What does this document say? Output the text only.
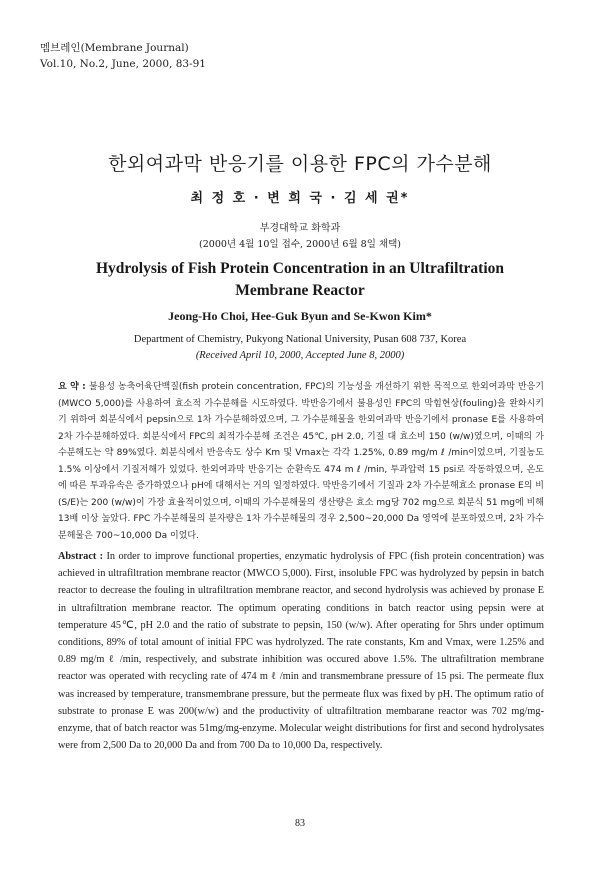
멤브레인(Membrane Journal)
Vol.10, No.2, June, 2000, 83-91
한외여과막 반응기를 이용한 FPC의 가수분해
최 정 호 · 변 희 국 · 김 세 권*
부경대학교 화학과
(2000년 4월 10일 접수, 2000년 6월 8일 채택)
Hydrolysis of Fish Protein Concentration in an Ultrafiltration
Membrane Reactor
Jeong-Ho Choi, Hee-Guk Byun and Se-Kwon Kim*
Department of Chemistry, Pukyong National University, Pusan 608 737, Korea
(Received April 10, 2000, Accepted June 8, 2000)
요 약 : 불용성 농축어육단백질(fish protein concentration, FPC)의 기능성을 개선하기 위한 목적으로 한외여과막 반응기(MWCO 5,000)를 사용하여 효소적 가수분해를 시도하였다. 박반응기에서 불용성인 FPC의 막힘현상(fouling)을 완화시키기 위하여 회분식에서 pepsin으로 1차 가수분해하였으며, 그 가수분해물을 한외여과막 반응기에서 pronase E를 사용하여 2차 가수분해하였다. 회분식에서 FPC의 최적가수분해 조건은 45℃, pH 2.0, 기질 대 효소비 150 (w/w)였으며, 이때의 가수분해도는 약 89%였다. 회분식에서 반응속도 상수 Km 및 Vmax는 각각 1.25%, 0.89 mg/m ℓ /min이었으며, 기질농도 1.5% 이상에서 기질저해가 있었다. 한외여과막 반응기는 순환속도 474 m ℓ /min, 투과압력 15 psi로 작동하였으며, 온도에 따른 투과유속은 증가하였으나 pH에 대해서는 거의 일정하였다. 막반응기에서 기질과 2차 가수분해효소 pronase E의 비 (S/E)는 200 (w/w)이 가장 효율적이었으며, 이때의 가수분해물의 생산량은 효소 mg당 702 mg으로 회분식 51 mg에 비해 13배 이상 높았다. FPC 가수분해물의 분자량은 1차 가수분해물의 경우 2,500~20,000 Da 영역에 분포하였으며, 2차 가수분해물은 700~10,000 Da 이었다.
Abstract : In order to improve functional properties, enzymatic hydrolysis of FPC (fish protein concentration) was achieved in ultrafiltration membrane reactor (MWCO 5,000). First, insoluble FPC was hydrolyzed by pepsin in batch reactor to decrease the fouling in ultrafiltration membrane reactor, and second hydrolysis was achieved by pronase E in ultrafiltration membrane reactor. The optimum operating conditions in batch reactor using pepsin were at temperature 45℃, pH 2.0 and the ratio of substrate to pepsin, 150 (w/w). After operating for 5hrs under optimum conditions, 89% of total amount of initial FPC was hydrolyzed. The rate constants, Km and Vmax, were 1.25% and 0.89 mg/m ℓ /min, respectively, and substrate inhibition was occured above 1.5%. The ultrafiltration membrane reactor was operated with recycling rate of 474 m ℓ /min and transmembrane pressure of 15 psi. The permeate flux was increased by temperature, transmembrane pressure, but the permeate flux was fixed by pH. The optimum ratio of substrate to pronase E was 200(w/w) and the productivity of ultrafiltration membarane reactor was 702 mg/mg-enzyme, that of batch reactor was 51mg/mg-enzyme. Molecular weight distributions for first and second hydrolysates were from 2,500 Da to 20,000 Da and from 700 Da to 10,000 Da, respectively.
83
